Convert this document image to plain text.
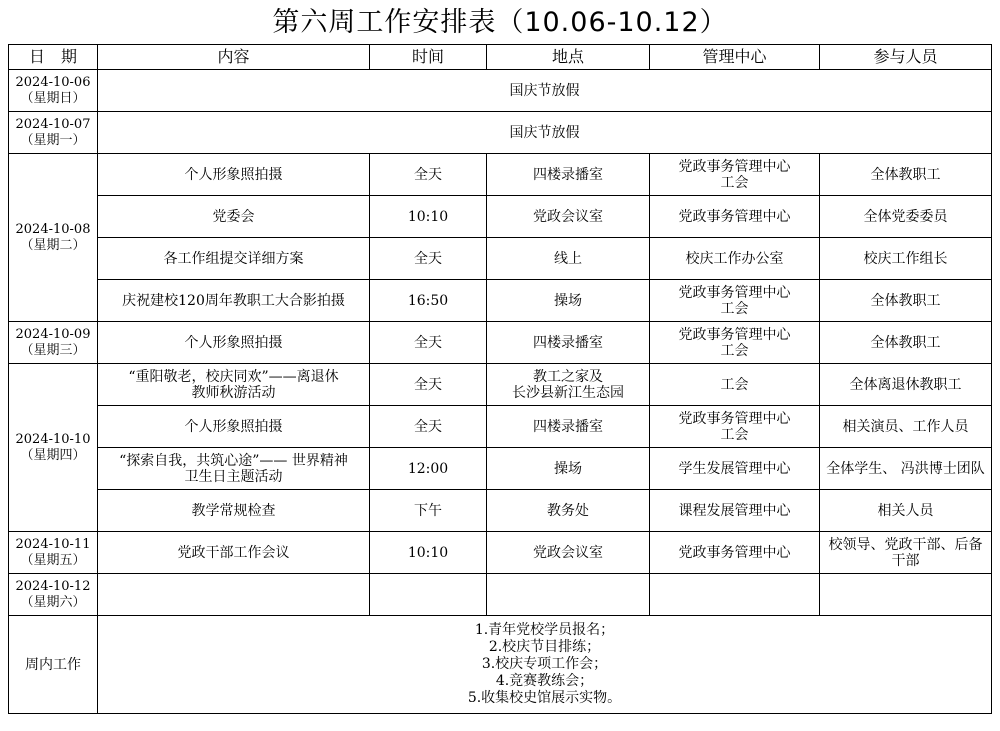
第六周工作安排表（10.06-10.12）
日　期	内容	时间	地点	管理中心	参与人员

2024-10-06
（星期日）	国庆节放假				

2024-10-07
（星期一）	国庆节放假				

2024-10-08
（星期二）	个人形象照拍摄	全天	四楼录播室	党政事务管理中心
工会	全体教职工

	党委会	10:10	党政会议室	党政事务管理中心	全体党委委员

	各工作组提交详细方案	全天	线上	校庆工作办公室	校庆工作组长

	庆祝建校120周年教职工大合影拍摄	16:50	操场	党政事务管理中心
工会	全体教职工

2024-10-09
（星期三）	个人形象照拍摄	全天	四楼录播室	党政事务管理中心
工会	全体教职工

2024-10-10
（星期四）	“重阳敬老，校庆同欢”——离退休
教师秋游活动	全天	教工之家及
长沙县新江生态园	工会	全体离退休教职工

	个人形象照拍摄	全天	四楼录播室	党政事务管理中心
工会	相关演员、工作人员

	“探索自我，共筑心途”—— 世界精神
卫生日主题活动	12:00	操场	学生发展管理中心	全体学生、 冯洪博士团队

	教学常规检查	下午	教务处	课程发展管理中心	相关人员

2024-10-11
（星期五）	党政干部工作会议	10:10	党政会议室	党政事务管理中心	校领导、党政干部、后备
干部

2024-10-12
（星期六）					

周内工作	1.青年党校学员报名；
2.校庆节目排练；
3.校庆专项工作会；
4.竞赛教练会；
5.收集校史馆展示实物。				
